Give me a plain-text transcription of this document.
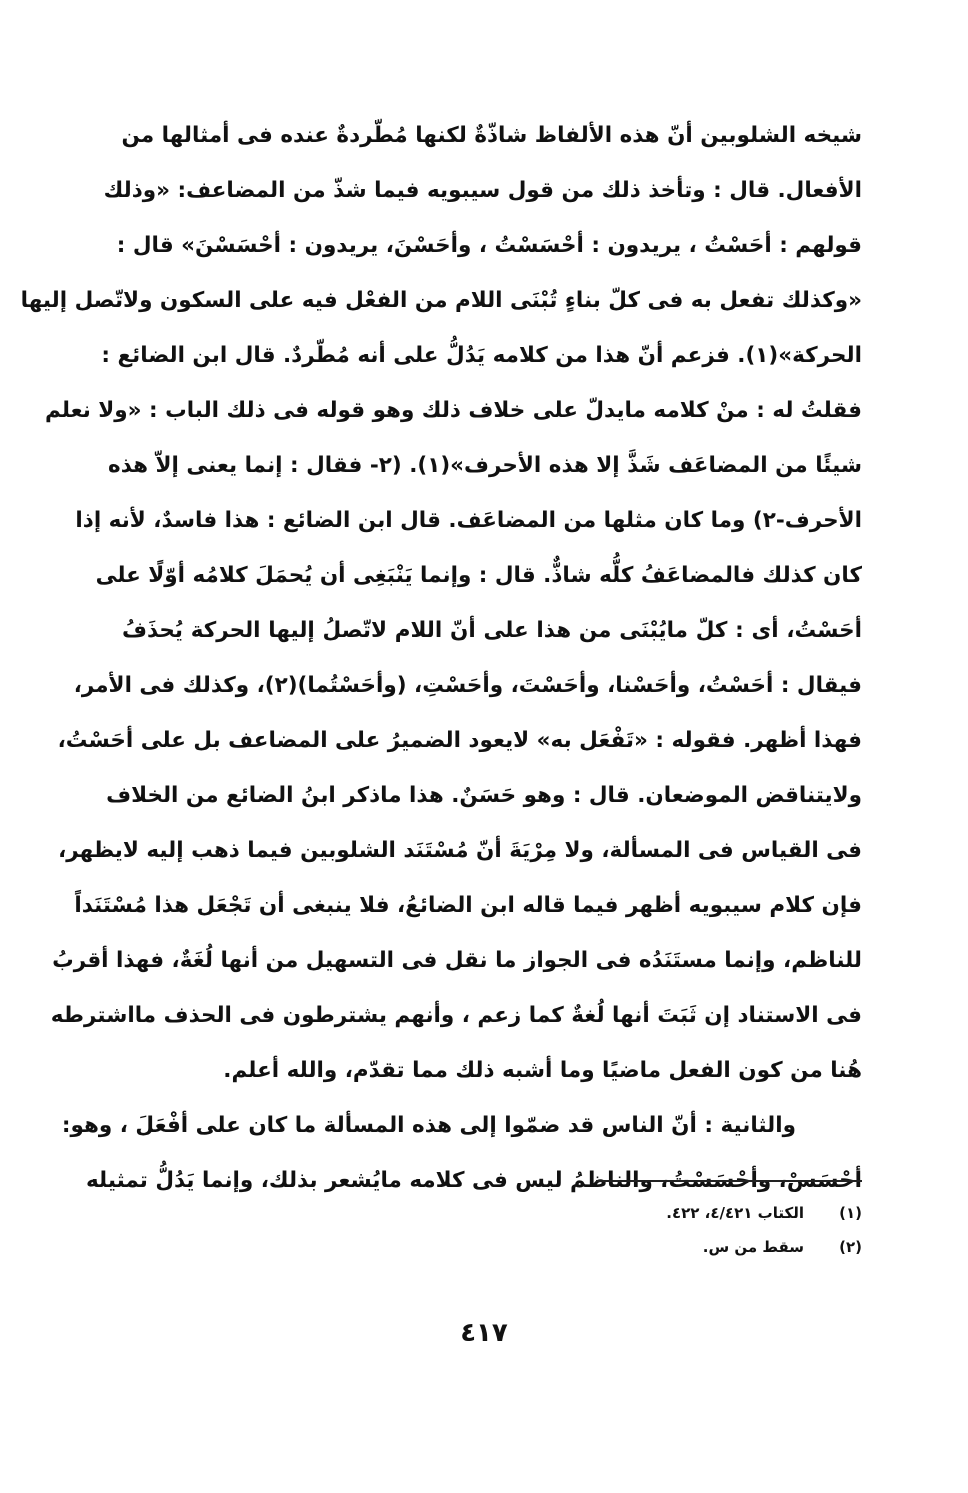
شيخه الشلوبين أنّ هذه الألفاظ شاذّةٌ لكنها مُطّردةٌ عنده فى أمثالها من
الأفعال. قال : وتأخذ ذلك من قول سيبويه فيما شذّ من المضاعف: «وذلك
قولهم : أحَسْتُ ، يريدون : أحْسَسْتُ ، وأحَسْنَ، يريدون : أحْسَسْنَ» قال :
«وكذلك تفعل به فى كلّ بناءٍ تُبْنَى اللام من الفعْل فيه على السكون ولاتّصل إليها
الحركة»(١). فزعم أنّ هذا من كلامه يَدُلُّ على أنه مُطّردٌ. قال ابن الضائع :
فقلتُ له : منْ كلامه مايدلّ على خلاف ذلك وهو قوله فى ذلك الباب : «ولا نعلم
شيئًا من المضاعَف شَذَّ إلا هذه الأحرف»(١). (٢- فقال : إنما يعنى إلاّ هذه
الأحرف-٢) وما كان مثلها من المضاعَف. قال ابن الضائع : هذا فاسدٌ، لأنه إذا
كان كذلك فالمضاعَفُ كلُّه شاذٌّ. قال : وإنما يَنْبَغِى أن يُحمَلَ كلامُه أوّلًا على
أحَسْتُ، أى : كلّ مايُبْنَى من هذا على أنّ اللام لاتّصلُ إليها الحركة يُحذَفُ
فيقال : أحَسْتُ، وأحَسْنا، وأحَسْتَ، وأحَسْتِ، (وأحَسْتُما)(٢)، وكذلك فى الأمر،
فهذا أظهر. فقوله : «تَفْعَل به» لايعود الضميرُ على المضاعف بل على أحَسْتُ،
ولايتناقض الموضعان. قال : وهو حَسَنٌ. هذا ماذكر ابنُ الضائع من الخلاف
فى القياس فى المسألة، ولا مِرْيَةَ أنّ مُسْتَنَد الشلوبين فيما ذهب إليه لايظهر،
فإن كلام سيبويه أظهر فيما قاله ابن الضائعُ، فلا ينبغى أن تَجْعَل هذا مُسْتَنَداً
للناظم، وإنما مستَنَدُه فى الجواز ما نقل فى التسهيل من أنها لُغَةٌ، فهذا أقربُ
فى الاستناد إن ثَبَتَ أنها لُغةٌ كما زعم ، وأنهم يشترطون فى الحذف مااشترطه
هُنا من كون الفعل ماضيًا وما أشبه ذلك مما تقدّم، والله أعلم.
والثانية : أنّ الناس قد ضمّوا إلى هذه المسألة ما كان على أفْعَلَ ، وهو:
أحْسَسْ، وأحْسَسْتُ، والناظمُ ليس فى كلامه مايُشعر بذلك، وإنما يَدُلُّ تمثيله
(١)
الكتاب ٤/٤٢١، ٤٢٢.
(٢)
سقط من س.
٤١٧
